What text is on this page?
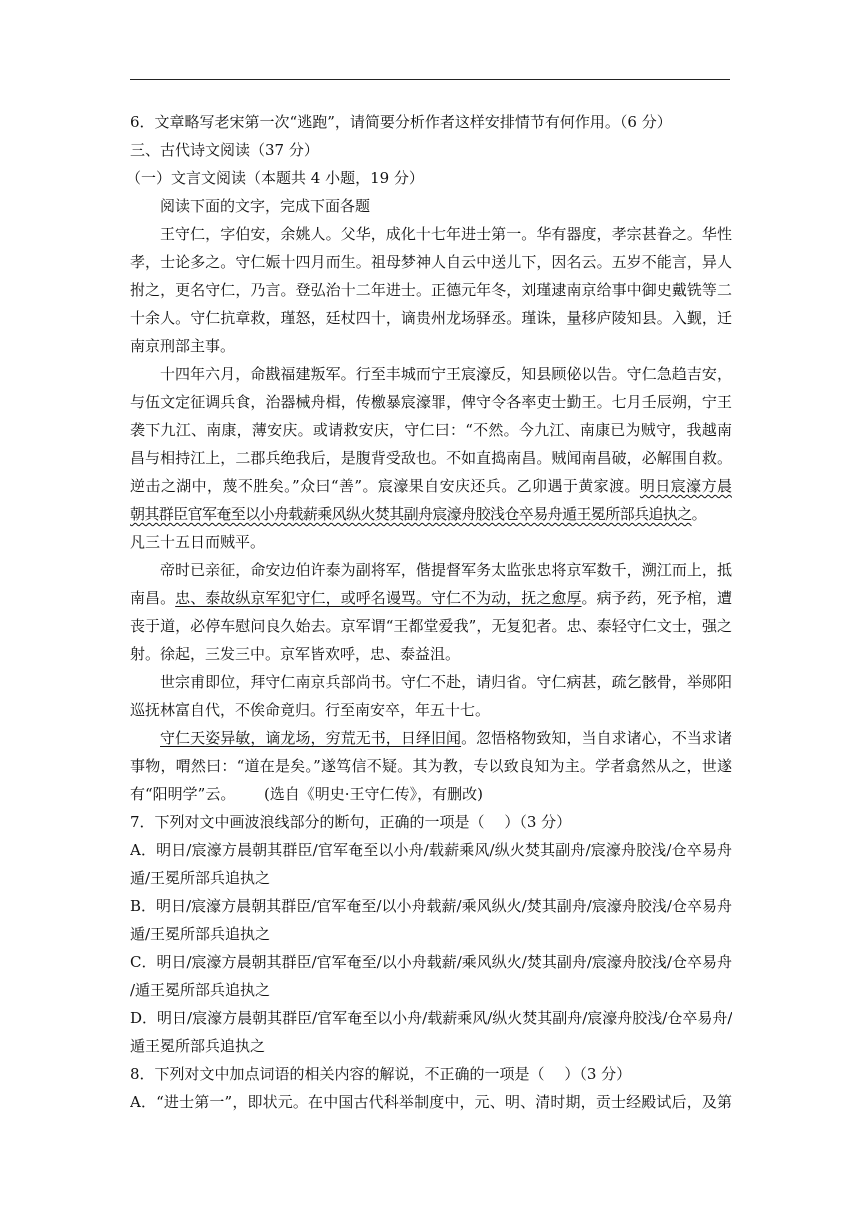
6．文章略写老宋第一次“逃跑”，请简要分析作者这样安排情节有何作用。（6 分）
三、古代诗文阅读（37 分）
（一）文言文阅读（本题共 4 小题，19 分）
阅读下面的文字，完成下面各题
王守仁，字伯安，余姚人。父华，成化十七年进士第一。华有器度，孝宗甚眷之。华性
孝，士论多之。守仁娠十四月而生。祖母梦神人自云中送儿下，因名云。五岁不能言，异人
拊之，更名守仁，乃言。登弘治十二年进士。正德元年冬，刘瑾逮南京给事中御史戴铣等二
十余人。守仁抗章救，瑾怒，廷杖四十，谪贵州龙场驿丞。瑾诛，量移庐陵知县。入觐，迁
南京刑部主事。
十四年六月，命戡福建叛军。行至丰城而宁王宸濠反，知县顾佖以告。守仁急趋吉安，
与伍文定征调兵食，治器械舟楫，传檄暴宸濠罪，俾守令各率吏士勤王。七月壬辰朔，宁王
袭下九江、南康，薄安庆。或请救安庆，守仁曰：“不然。今九江、南康已为贼守，我越南
昌与相持江上，二郡兵绝我后，是腹背受敌也。不如直捣南昌。贼闻南昌破，必解围自救。
逆击之湖中，蔑不胜矣。”众曰“善”。宸濠果自安庆还兵。乙卯遇于黄家渡。明日宸濠方晨
朝其群臣官军奄至以小舟载薪乘风纵火焚其副舟宸濠舟胶浅仓卒易舟遁王冕所部兵追执之。
凡三十五日而贼平。
帝时已亲征，命安边伯许泰为副将军，偕提督军务太监张忠将京军数千，溯江而上，抵
南昌。忠、泰故纵京军犯守仁，或呼名谩骂。守仁不为动，抚之愈厚。病予药，死予棺，遭
丧于道，必停车慰问良久始去。京军谓“王都堂爱我”，无复犯者。忠、泰轻守仁文士，强之
射。徐起，三发三中。京军皆欢呼，忠、泰益沮。
世宗甫即位，拜守仁南京兵部尚书。守仁不赴，请归省。守仁病甚，疏乞骸骨，举郧阳
巡抚林富自代，不俟命竟归。行至南安卒，年五十七。
守仁天姿异敏，谪龙场，穷荒无书，日绎旧闻。忽悟格物致知，当自求诸心，不当求诸
事物，喟然曰：“道在是矣。”遂笃信不疑。其为教，专以致良知为主。学者翕然从之，世遂
有“阳明学”云。      (选自《明史·王守仁传》，有删改)
7．下列对文中画波浪线部分的断句，正确的一项是（　 ）（3 分）
A．明日/宸濠方晨朝其群臣/官军奄至以小舟/载薪乘风/纵火焚其副舟/宸濠舟胶浅/仓卒易舟
遁/王冕所部兵追执之
B．明日/宸濠方晨朝其群臣/官军奄至/以小舟载薪/乘风纵火/焚其副舟/宸濠舟胶浅/仓卒易舟
遁/王冕所部兵追执之
C．明日/宸濠方晨朝其群臣/官军奄至/以小舟载薪/乘风纵火/焚其副舟/宸濠舟胶浅/仓卒易舟
/遁王冕所部兵追执之
D．明日/宸濠方晨朝其群臣/官军奄至以小舟/载薪乘风/纵火焚其副舟/宸濠舟胶浅/仓卒易舟/
遁王冕所部兵追执之
8．下列对文中加点词语的相关内容的解说，不正确的一项是（　 ）（3 分）
A．“进士第一”，即状元。在中国古代科举制度中，元、明、清时期，贡士经殿试后，及第
